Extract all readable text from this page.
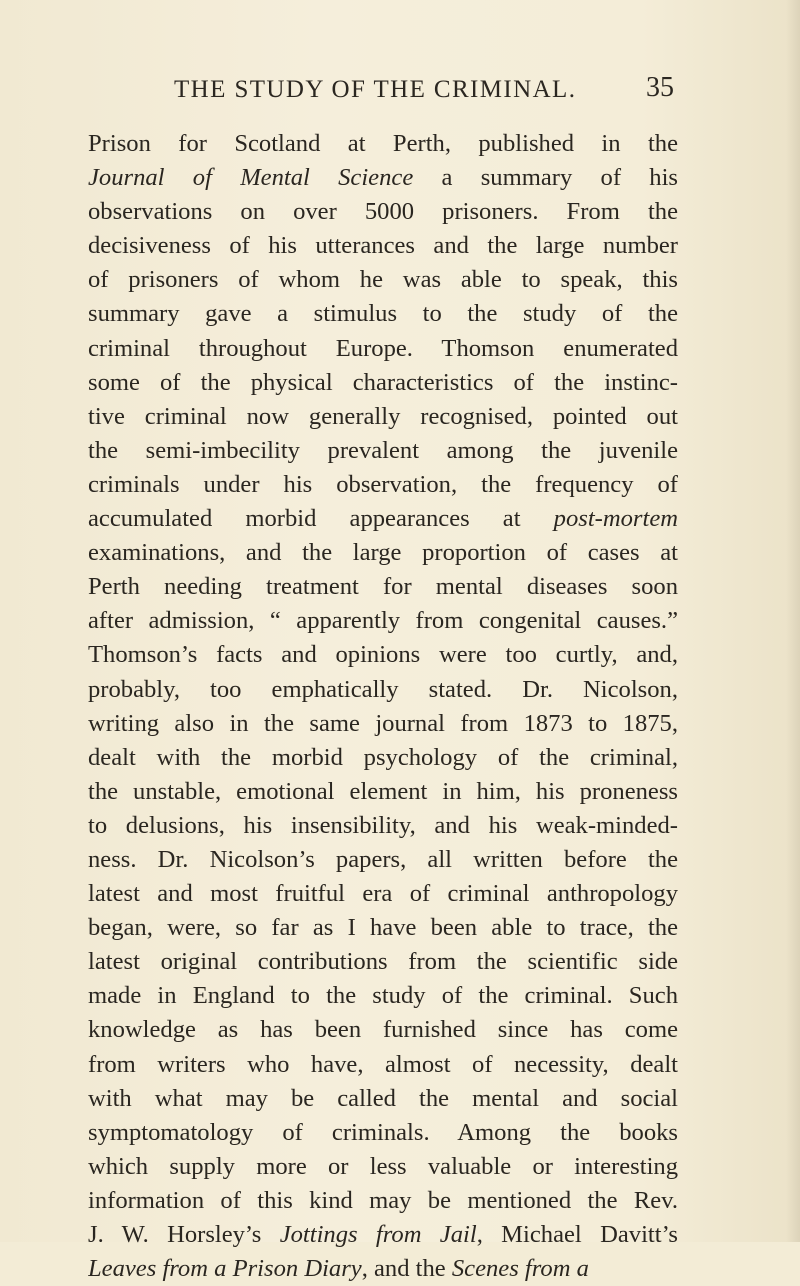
THE STUDY OF THE CRIMINAL.	35
Prison for Scotland at Perth, published in the
Journal of Mental Science a summary of his
observations on over 5000 prisoners. From the
decisiveness of his utterances and the large number
of prisoners of whom he was able to speak, this
summary gave a stimulus to the study of the
criminal throughout Europe. Thomson enumerated
some of the physical characteristics of the instinc-
tive criminal now generally recognised, pointed out
the semi-imbecility prevalent among the juvenile
criminals under his observation, the frequency of
accumulated morbid appearances at post-mortem
examinations, and the large proportion of cases at
Perth needing treatment for mental diseases soon
after admission, “ apparently from congenital causes.”
Thomson’s facts and opinions were too curtly, and,
probably, too emphatically stated. Dr. Nicolson,
writing also in the same journal from 1873 to 1875,
dealt with the morbid psychology of the criminal,
the unstable, emotional element in him, his proneness
to delusions, his insensibility, and his weak-minded-
ness. Dr. Nicolson’s papers, all written before the
latest and most fruitful era of criminal anthropology
began, were, so far as I have been able to trace, the
latest original contributions from the scientific side
made in England to the study of the criminal. Such
knowledge as has been furnished since has come
from writers who have, almost of necessity, dealt
with what may be called the mental and social
symptomatology of criminals. Among the books
which supply more or less valuable or interesting
information of this kind may be mentioned the Rev.
J. W. Horsley’s Jottings from Jail, Michael Davitt’s
Leaves from a Prison Diary, and the Scenes from a
